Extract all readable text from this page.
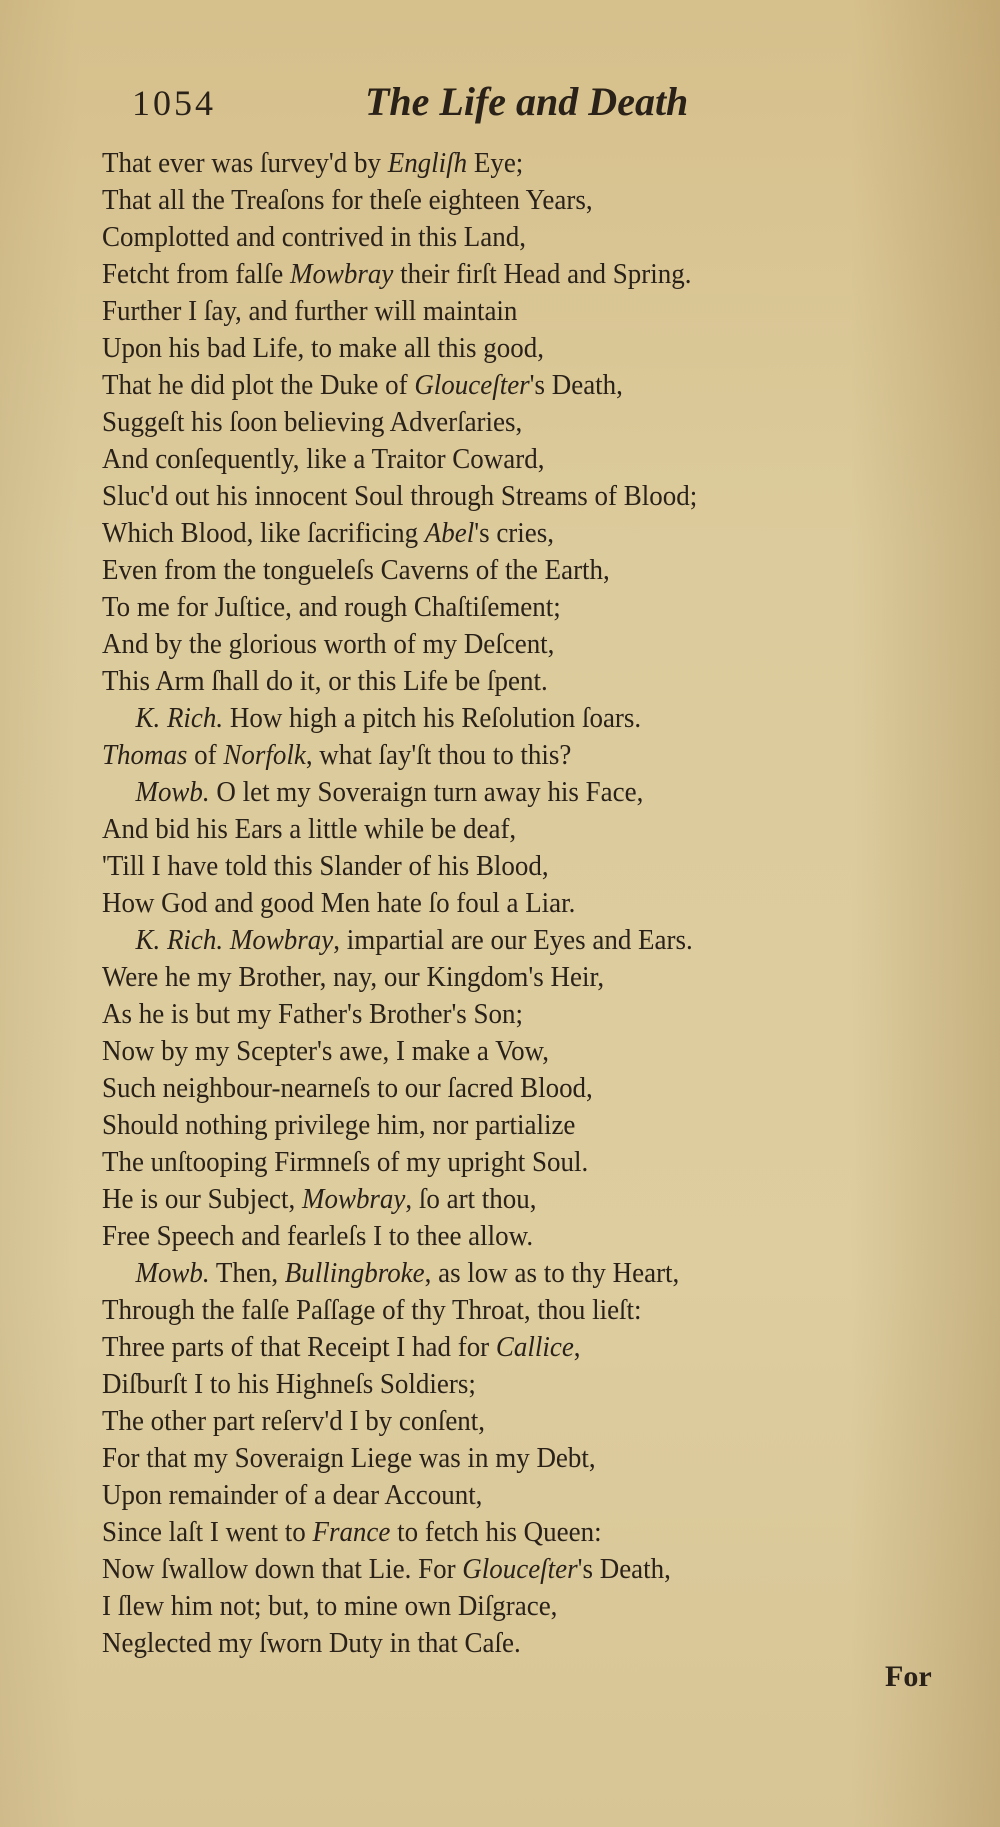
1054	The Life and Death
That ever was ſurvey'd by Engliſh Eye;
That all the Treaſons for theſe eighteen Years,
Complotted and contrived in this Land,
Fetcht from falſe Mowbray their firſt Head and Spring.
Further I ſay, and further will maintain
Upon his bad Life, to make all this good,
That he did plot the Duke of Glouceſter's Death,
Suggeſt his ſoon believing Adverſaries,
And conſequently, like a Traitor Coward,
Sluc'd out his innocent Soul through Streams of Blood;
Which Blood, like ſacrificing Abel's cries,
Even from the tongueleſs Caverns of the Earth,
To me for Juſtice, and rough Chaſtiſement;
And by the glorious worth of my Deſcent,
This Arm ſhall do it, or this Life be ſpent.
K. Rich. How high a pitch his Reſolution ſoars.
Thomas of Norfolk, what ſay'ſt thou to this?
Mowb. O let my Soveraign turn away his Face,
And bid his Ears a little while be deaf,
'Till I have told this Slander of his Blood,
How God and good Men hate ſo foul a Liar.
K. Rich. Mowbray, impartial are our Eyes and Ears.
Were he my Brother, nay, our Kingdom's Heir,
As he is but my Father's Brother's Son;
Now by my Scepter's awe, I make a Vow,
Such neighbour-nearneſs to our ſacred Blood,
Should nothing privilege him, nor partialize
The unſtooping Firmneſs of my upright Soul.
He is our Subject, Mowbray, ſo art thou,
Free Speech and fearleſs I to thee allow.
Mowb. Then, Bullingbroke, as low as to thy Heart,
Through the falſe Paſſage of thy Throat, thou lieſt:
Three parts of that Receipt I had for Callice,
Diſburſt I to his Highneſs Soldiers;
The other part reſerv'd I by conſent,
For that my Soveraign Liege was in my Debt,
Upon remainder of a dear Account,
Since laſt I went to France to fetch his Queen:
Now ſwallow down that Lie. For Glouceſter's Death,
I ſlew him not; but, to mine own Diſgrace,
Neglected my ſworn Duty in that Caſe.
For
